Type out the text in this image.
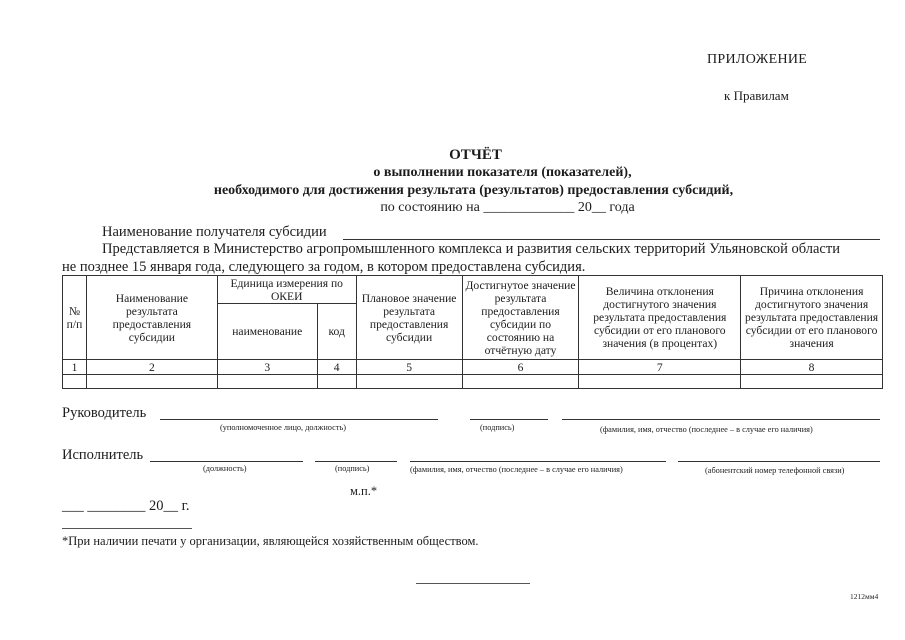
ПРИЛОЖЕНИЕ
к Правилам
ОТЧЁТ
о выполнении показателя (показателей),
необходимого для достижения результата (результатов) предоставления субсидий,
по состоянию на _____________ 20__ года
Наименование получателя субсидии
Представляется в Министерство агропромышленного комплекса и развития сельских территорий Ульяновской области
не позднее 15 января года, следующего за годом, в котором предоставлена субсидия.
№ п/п	Наименование результата предоставления субсидии	Единица измерения по ОКЕИ		Плановое значение результата предоставления субсидии	Достигнутое значение результата предоставления субсидии по состоянию на отчётную дату	Величина отклонения достигнутого значения результата предоставления субсидии от его планового значения (в процентах)	Причина отклонения достигнутого значения результата предоставления субсидии от его планового значения
		наименование	код				
1	2	3	4	5	6	7	8

Руководитель
(уполномоченное лицо, должность)	(подпись)	(фамилия, имя, отчество (последнее – в случае его наличия)
Исполнитель
(должность)	(подпись)	(фамилия, имя, отчество (последнее – в случае его наличия)	(абонентский номер телефонной связи)
м.п.*
___ ________ 20__ г.
*При наличии печати у организации, являющейся хозяйственным обществом.
1212мм4
